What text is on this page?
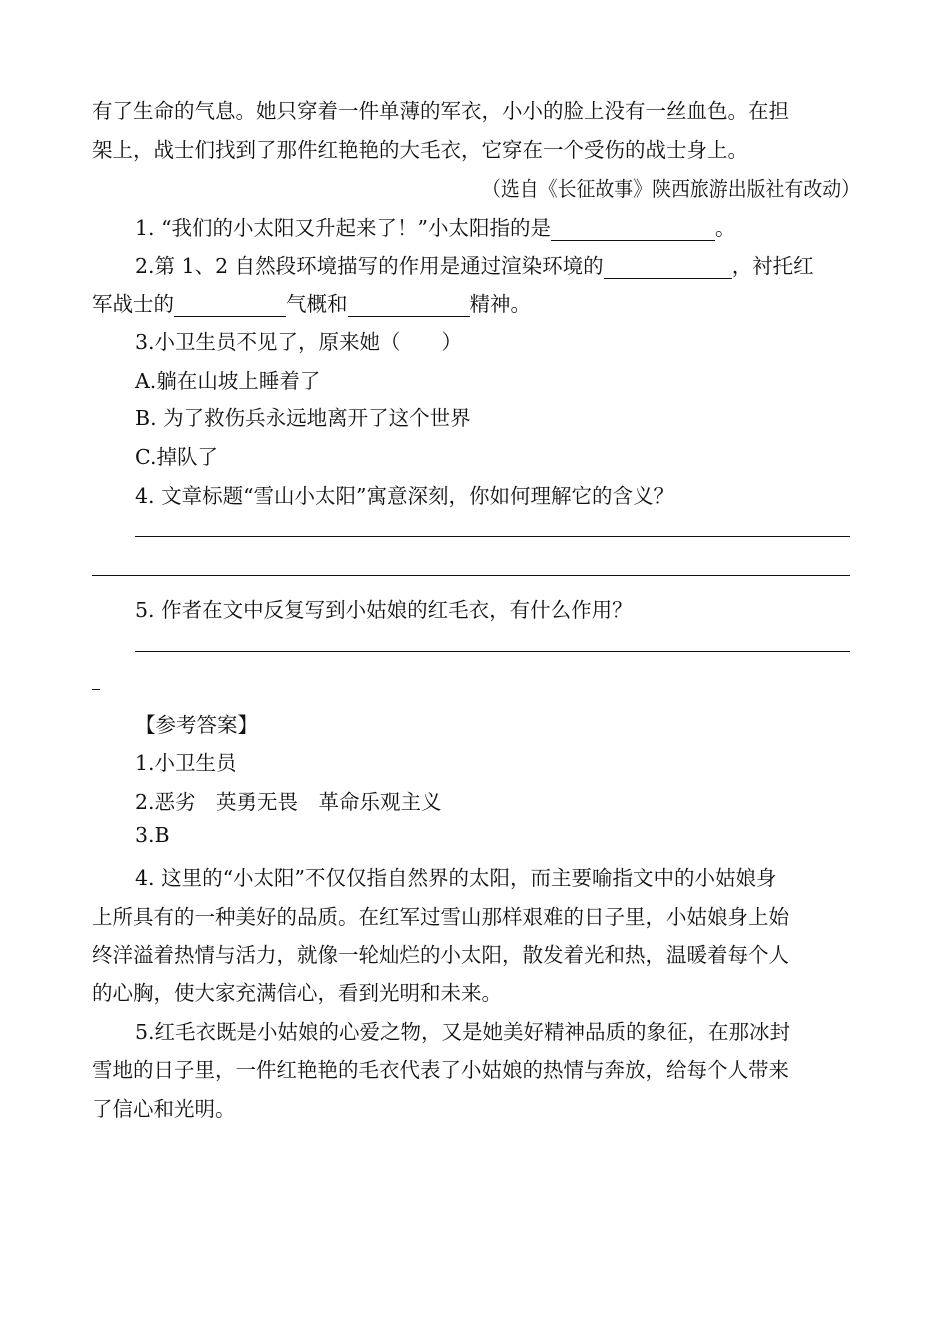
有了生命的气息。她只穿着一件单薄的军衣，小小的脸上没有一丝血色。在担
架上，战士们找到了那件红艳艳的大毛衣，它穿在一个受伤的战士身上。
（选自《长征故事》陕西旅游出版社有改动）
1. “我们的小太阳又升起来了！”小太阳指的是	。
2.第 1、2 自然段环境描写的作用是通过渲染环境的	，衬托红
军战士的	气概和	精神。
3.小卫生员不见了，原来她（　　）
A.躺在山坡上睡着了
B. 为了救伤兵永远地离开了这个世界
C.掉队了
4. 文章标题“雪山小太阳”寓意深刻，你如何理解它的含义？
5. 作者在文中反复写到小姑娘的红毛衣，有什么作用？
【参考答案】
1.小卫生员
2.恶劣　英勇无畏　革命乐观主义
3.B
4. 这里的“小太阳”不仅仅指自然界的太阳，而主要喻指文中的小姑娘身
上所具有的一种美好的品质。在红军过雪山那样艰难的日子里，小姑娘身上始
终洋溢着热情与活力，就像一轮灿烂的小太阳，散发着光和热，温暖着每个人
的心胸，使大家充满信心，看到光明和未来。
5.红毛衣既是小姑娘的心爱之物，又是她美好精神品质的象征，在那冰封
雪地的日子里，一件红艳艳的毛衣代表了小姑娘的热情与奔放，给每个人带来
了信心和光明。
